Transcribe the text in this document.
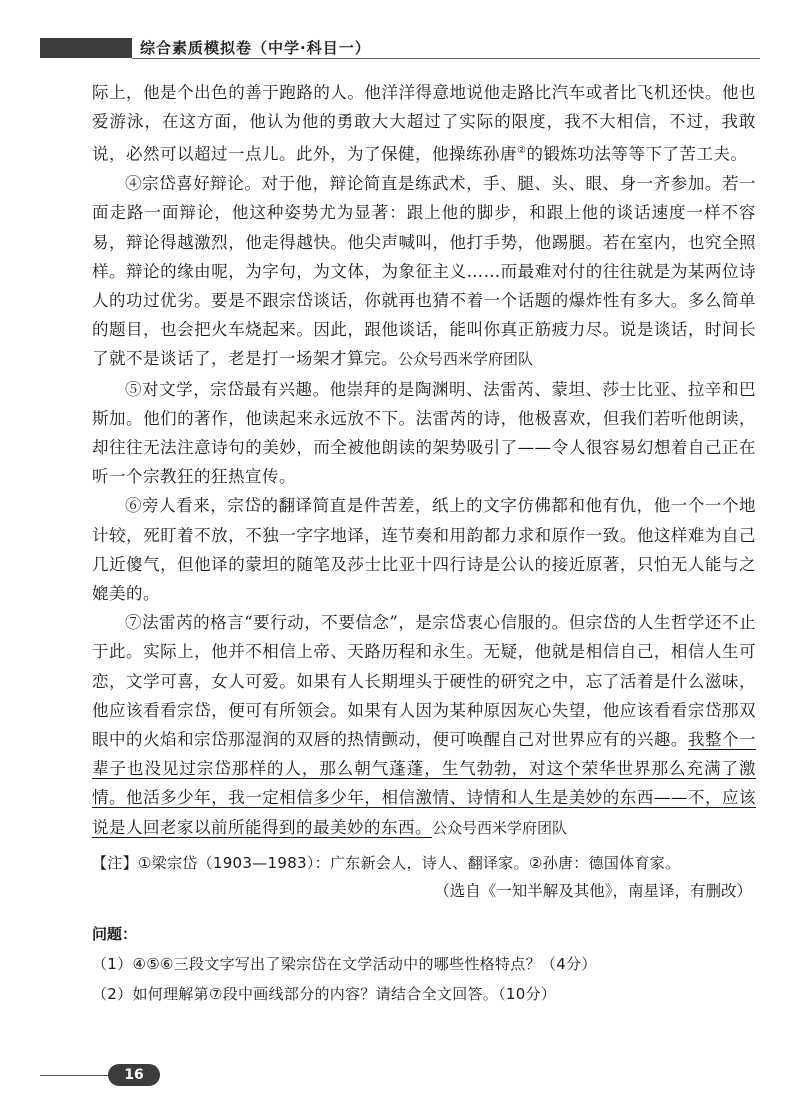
综合素质模拟卷（中学·科目一）

际上，他是个出色的善于跑路的人。他洋洋得意地说他走路比汽车或者比飞机还快。他也爱游泳，在这方面，他认为他的勇敢大大超过了实际的限度，我不大相信，不过，我敢说，必然可以超过一点儿。此外，为了保健，他操练孙唐②的锻炼功法等等下了苦工夫。

④宗岱喜好辩论。对于他，辩论简直是练武术，手、腿、头、眼、身一齐参加。若一面走路一面辩论，他这种姿势尤为显著：跟上他的脚步，和跟上他的谈话速度一样不容易，辩论得越激烈，他走得越快。他尖声喊叫，他打手势，他踢腿。若在室内，也究全照样。辩论的缘由呢，为字句，为文体，为象征主义……而最难对付的往往就是为某两位诗人的功过优劣。要是不跟宗岱谈话，你就再也猜不着一个话题的爆炸性有多大。多么简单的题目，也会把火车烧起来。因此，跟他谈话，能叫你真正筋疲力尽。说是谈话，时间长了就不是谈话了，老是打一场架才算完。公众号西米学府团队

⑤对文学，宗岱最有兴趣。他崇拜的是陶渊明、法雷芮、蒙坦、莎士比亚、拉辛和巴斯加。他们的著作，他读起来永远放不下。法雷芮的诗，他极喜欢，但我们若听他朗读，却往往无法注意诗句的美妙，而全被他朗读的架势吸引了——令人很容易幻想着自己正在听一个宗教狂的狂热宣传。

⑥旁人看来，宗岱的翻译简直是件苦差，纸上的文字仿佛都和他有仇，他一个一个地计较，死盯着不放，不独一字字地译，连节奏和用韵都力求和原作一致。他这样难为自己几近傻气，但他译的蒙坦的随笔及莎士比亚十四行诗是公认的接近原著，只怕无人能与之媲美的。

⑦法雷芮的格言“要行动，不要信念”，是宗岱衷心信服的。但宗岱的人生哲学还不止于此。实际上，他并不相信上帝、天路历程和永生。无疑，他就是相信自己，相信人生可恋，文学可喜，女人可爱。如果有人长期埋头于硬性的研究之中，忘了活着是什么滋味，他应该看看宗岱，便可有所领会。如果有人因为某种原因灰心失望，他应该看看宗岱那双眼中的火焰和宗岱那湿润的双唇的热情颤动，便可唤醒自己对世界应有的兴趣。我整个一辈子也没见过宗岱那样的人，那么朝气蓬蓬，生气勃勃，对这个荣华世界那么充满了激情。他活多少年，我一定相信多少年，相信激情、诗情和人生是美妙的东西——不，应该说是人回老家以前所能得到的最美妙的东西。公众号西米学府团队

【注】①梁宗岱（1903—1983）：广东新会人，诗人、翻译家。②孙唐：德国体育家。

（选自《一知半解及其他》，南星译，有删改）

问题：

（1）④⑤⑥三段文字写出了梁宗岱在文学活动中的哪些性格特点？（4分）

（2）如何理解第⑦段中画线部分的内容？请结合全文回答。（10分）

16
